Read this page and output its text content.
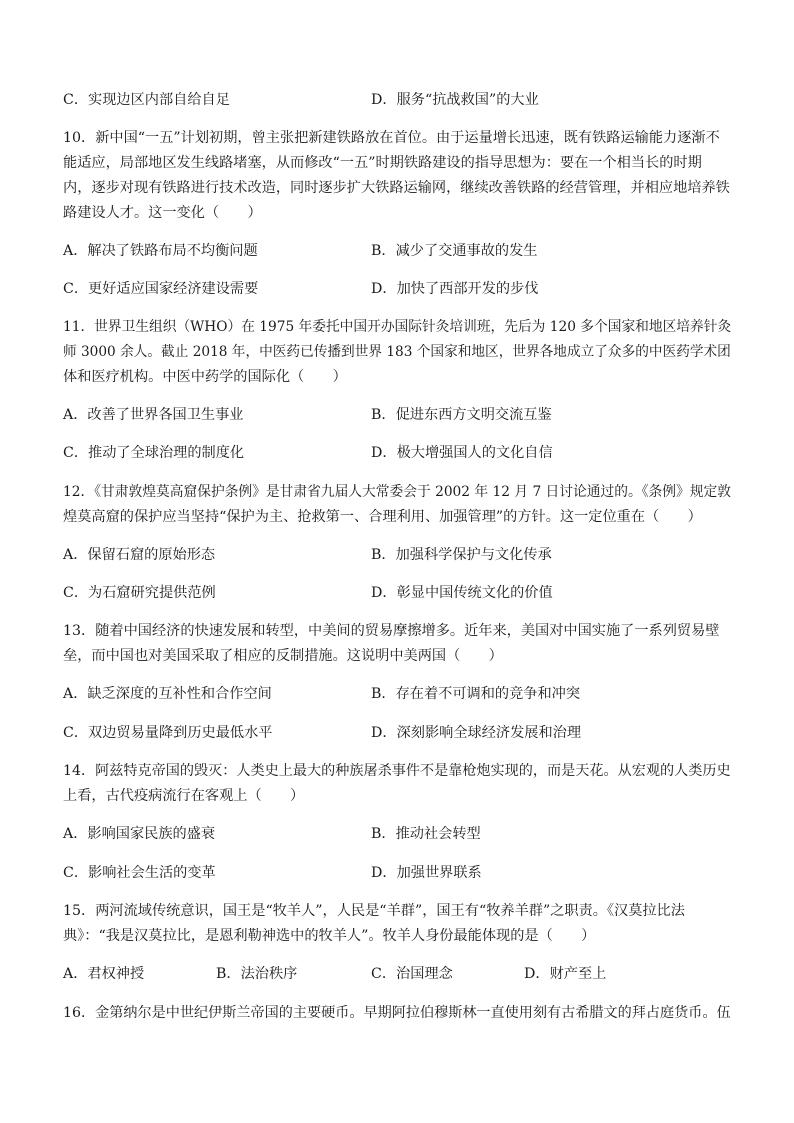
C．实现边区内部自给自足	D．服务“抗战救国”的大业
10．新中国“一五”计划初期，曾主张把新建铁路放在首位。由于运量增长迅速，既有铁路运输能力逐渐不
能适应，局部地区发生线路堵塞，从而修改“一五”时期铁路建设的指导思想为：要在一个相当长的时期
内，逐步对现有铁路进行技术改造，同时逐步扩大铁路运输网，继续改善铁路的经营管理，并相应地培养铁
路建设人才。这一变化（　　）
A．解决了铁路布局不均衡问题	B．减少了交通事故的发生
C．更好适应国家经济建设需要	D．加快了西部开发的步伐
11．世界卫生组织（WHO）在 1975 年委托中国开办国际针灸培训班，先后为 120 多个国家和地区培养针灸
师 3000 余人。截止 2018 年，中医药已传播到世界 183 个国家和地区，世界各地成立了众多的中医药学术团
体和医疗机构。中医中药学的国际化（　　）
A．改善了世界各国卫生事业	B．促进东西方文明交流互鉴
C．推动了全球治理的制度化	D．极大增强国人的文化自信
12．《甘肃敦煌莫高窟保护条例》是甘肃省九届人大常委会于 2002 年 12 月 7 日讨论通过的。《条例》规定敦
煌莫高窟的保护应当坚持“保护为主、抢救第一、合理利用、加强管理”的方针。这一定位重在（　　）
A．保留石窟的原始形态	B．加强科学保护与文化传承
C．为石窟研究提供范例	D．彰显中国传统文化的价值
13．随着中国经济的快速发展和转型，中美间的贸易摩擦增多。近年来，美国对中国实施了一系列贸易壁
垒，而中国也对美国采取了相应的反制措施。这说明中美两国（　　）
A．缺乏深度的互补性和合作空间	B．存在着不可调和的竞争和冲突
C．双边贸易量降到历史最低水平	D．深刻影响全球经济发展和治理
14．阿兹特克帝国的毁灭：人类史上最大的种族屠杀事件不是靠枪炮实现的，而是天花。从宏观的人类历史
上看，古代疫病流行在客观上（　　）
A．影响国家民族的盛衰	B．推动社会转型
C．影响社会生活的变革	D．加强世界联系
15．两河流域传统意识，国王是“牧羊人”，人民是“羊群”，国王有“牧养羊群”之职责。《汉莫拉比法
典》：“我是汉莫拉比，是恩利勒神选中的牧羊人”。牧羊人身份最能体现的是（　　）
A．君权神授	B．法治秩序	C．治国理念	D．财产至上
16．金第纳尔是中世纪伊斯兰帝国的主要硬币。早期阿拉伯穆斯林一直使用刻有古希腊文的拜占庭货币。伍
